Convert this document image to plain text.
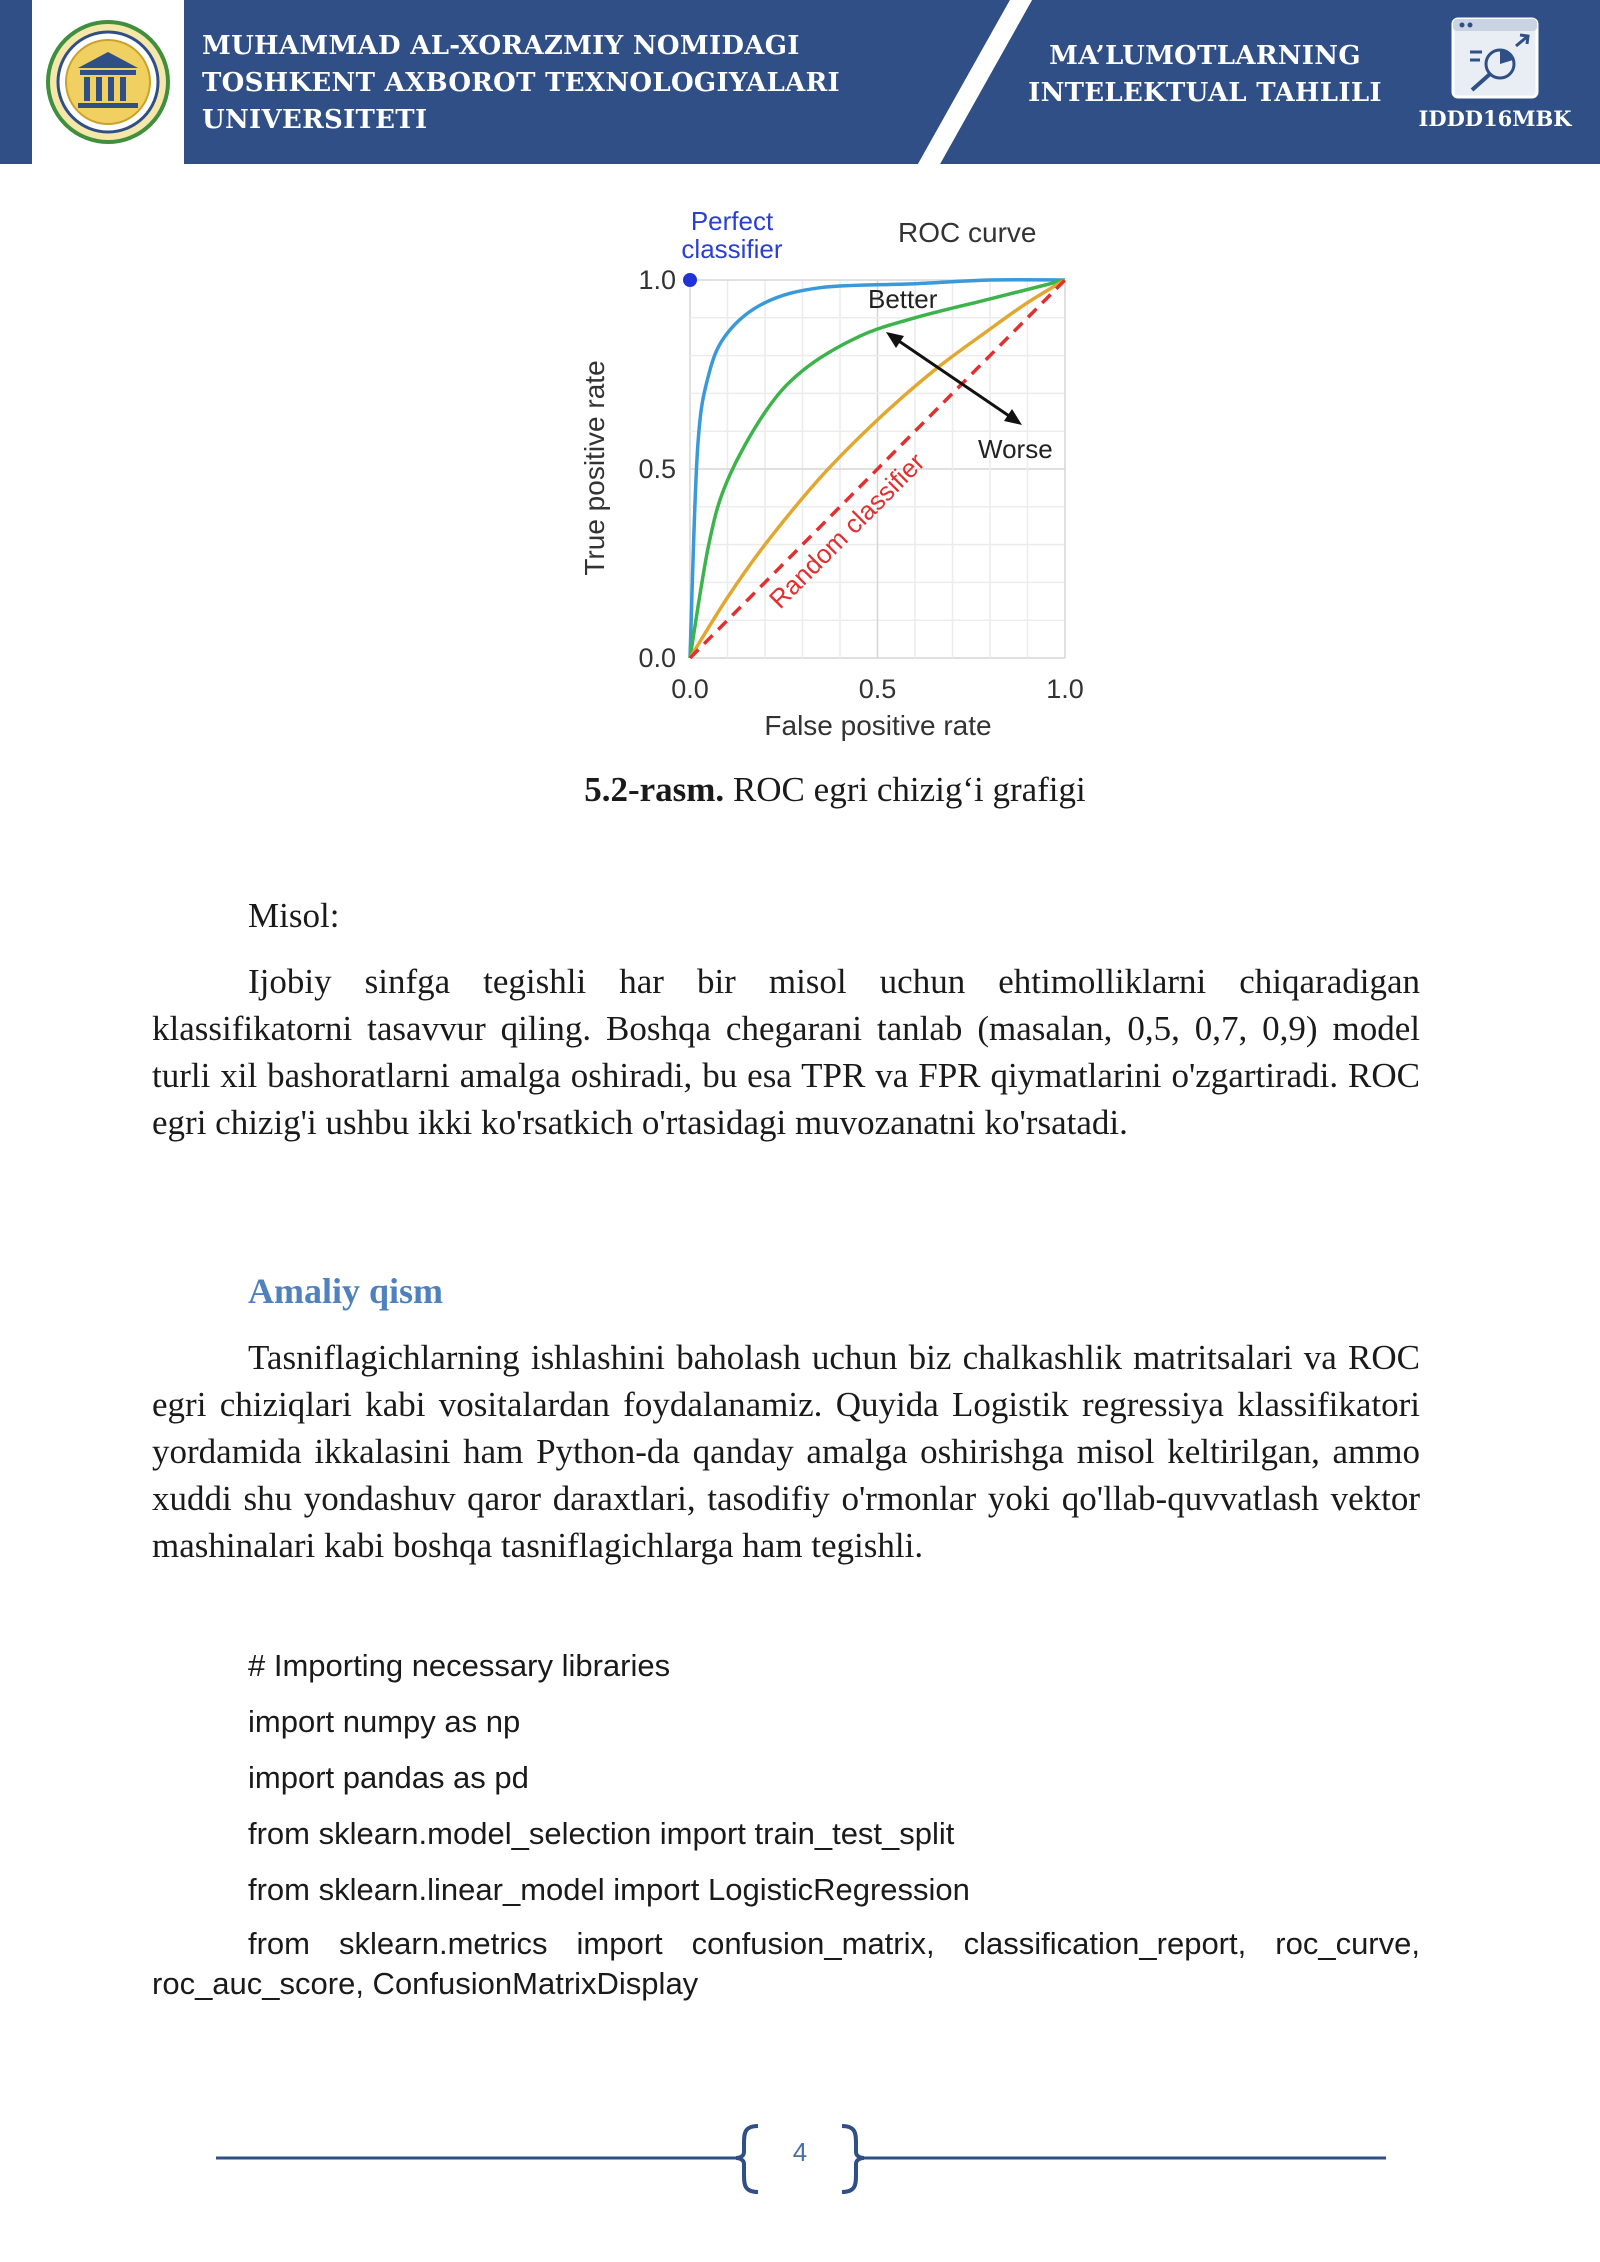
MUHAMMAD AL-XORAZMIY NOMIDAGI
TOSHKENT AXBOROT TEXNOLOGIYALARI
UNIVERSITETI
MA’LUMOTLARNING
INTELEKTUAL TAHLILI
IDDD16MBK
0.0	0.5	1.0
0.0
0.5
1.0
ROC curve
Perfect
classifier
Better
Worse
Random classifier
False positive rate
True positive rate
5.2-rasm. ROC egri chizig‘i grafigi

Misol:

Ijobiy sinfga tegishli har bir misol uchun ehtimolliklarni chiqaradigan klassifikatorni tasavvur qiling. Boshqa chegarani tanlab (masalan, 0,5, 0,7, 0,9) model turli xil bashoratlarni amalga oshiradi, bu esa TPR va FPR qiymatlarini o'zgartiradi. ROC egri chizig'i ushbu ikki ko'rsatkich o'rtasidagi muvozanatni ko'rsatadi.

Amaliy qism

Tasniflagichlarning ishlashini baholash uchun biz chalkashlik matritsalari va ROC egri chiziqlari kabi vositalardan foydalanamiz. Quyida Logistik regressiya klassifikatori yordamida ikkalasini ham Python-da qanday amalga oshirishga misol keltirilgan, ammo xuddi shu yondashuv qaror daraxtlari, tasodifiy o'rmonlar yoki qo'llab-quvvatlash vektor mashinalari kabi boshqa tasniflagichlarga ham tegishli.

# Importing necessary libraries

import numpy as np

import pandas as pd

from sklearn.model_selection import train_test_split

from sklearn.linear_model import LogisticRegression

from sklearn.metrics import confusion_matrix, classification_report, roc_curve, roc_auc_score, ConfusionMatrixDisplay

4
